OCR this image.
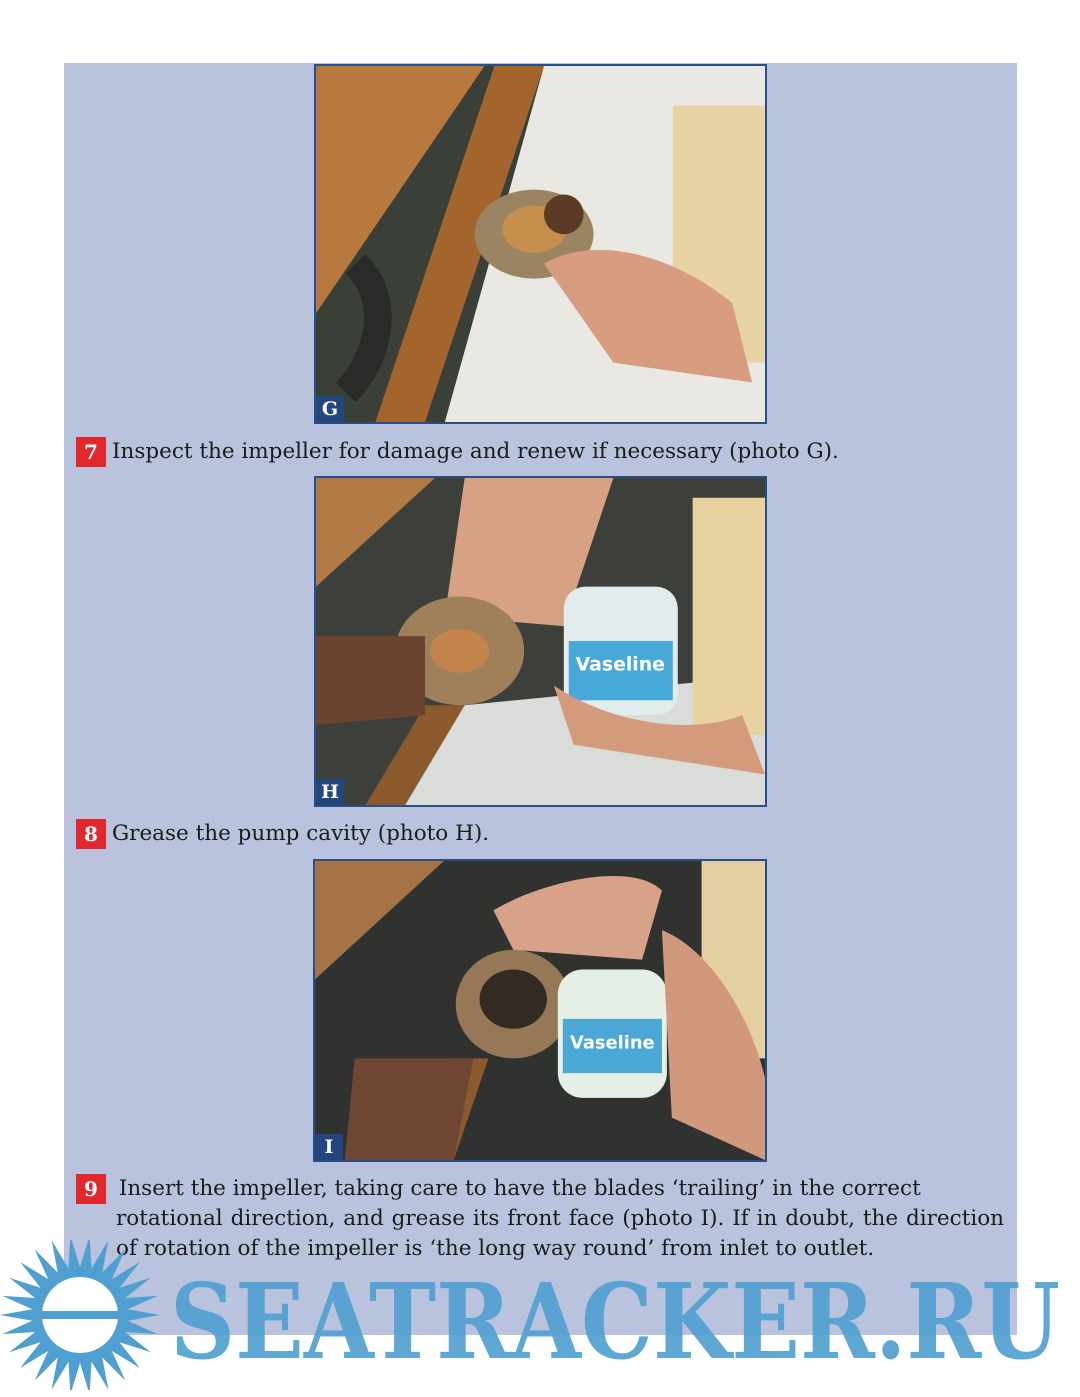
G
7 Inspect the impeller for damage and renew if necessary (photo G).
Vaseline
H
8 Grease the pump cavity (photo H).
Vaseline
I
9 Insert the impeller, taking care to have the blades ‘trailing’ in the correct
rotational direction, and grease its front face (photo I). If in doubt, the direction of rotation of the impeller is ‘the long way round’ from inlet to outlet.
SEATRACKER.RU
